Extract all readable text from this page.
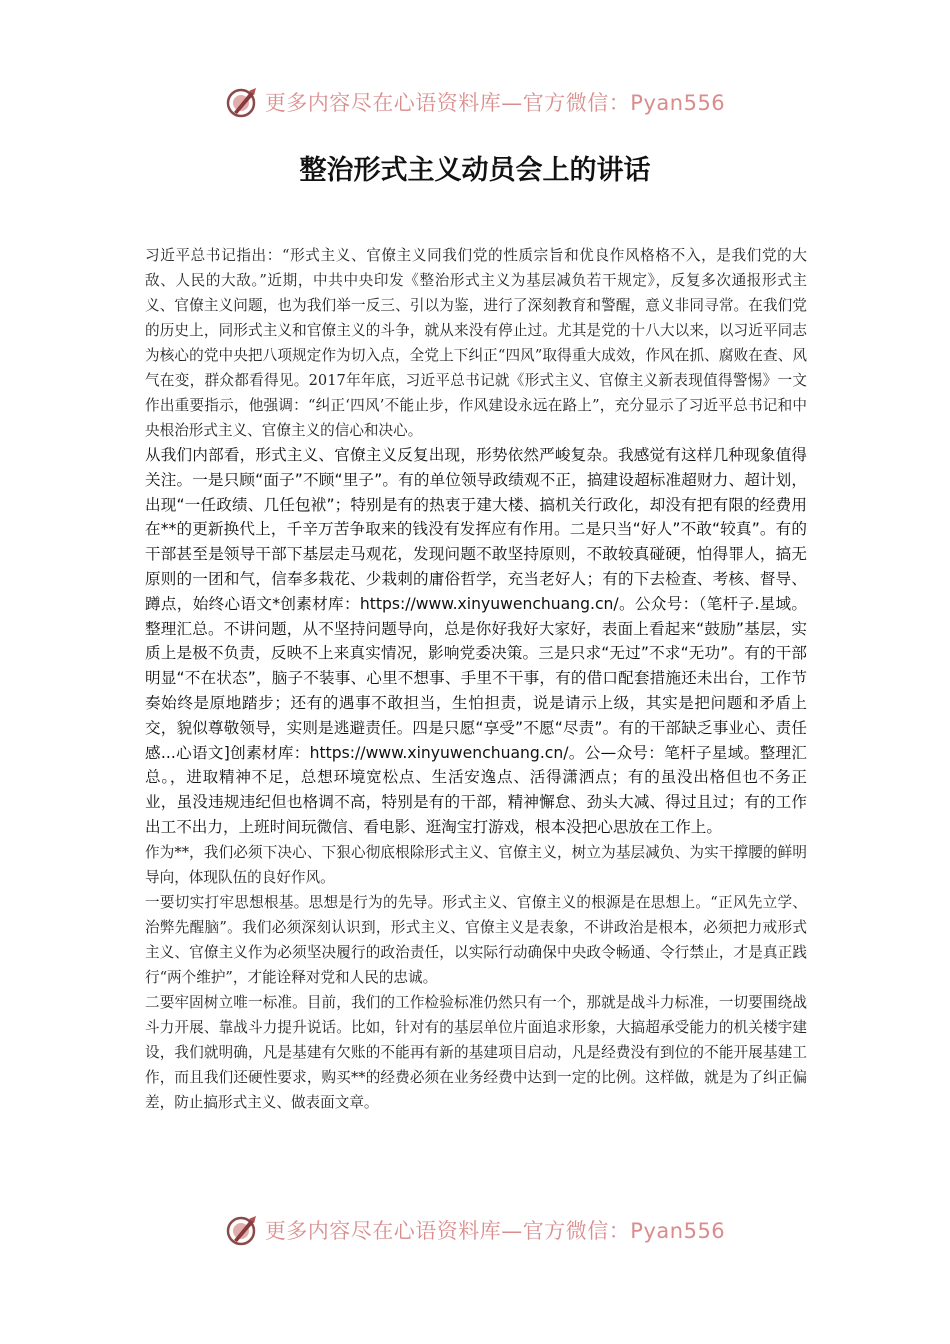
更多内容尽在心语资料库—官方微信：Pyan556
整治形式主义动员会上的讲话

习近平总书记指出：“形式主义、官僚主义同我们党的性质宗旨和优良作风格格不入，是我们党的大敌、人民的大敌。”近期，中共中央印发《整治形式主义为基层减负若干规定》，反复多次通报形式主义、官僚主义问题，也为我们举一反三、引以为鉴，进行了深刻教育和警醒，意义非同寻常。在我们党的历史上，同形式主义和官僚主义的斗争，就从来没有停止过。尤其是党的十八大以来，以习近平同志为核心的党中央把八项规定作为切入点，全党上下纠正“四风”取得重大成效，作风在抓、腐败在查、风气在变，群众都看得见。2017年年底，习近平总书记就《形式主义、官僚主义新表现值得警惕》一文作出重要指示，他强调：“纠正‘四风’不能止步，作风建设永远在路上”，充分显示了习近平总书记和中央根治形式主义、官僚主义的信心和决心。

从我们内部看，形式主义、官僚主义反复出现，形势依然严峻复杂。我感觉有这样几种现象值得关注。一是只顾“面子”不顾“里子”。有的单位领导政绩观不正，搞建设超标准超财力、超计划，出现“一任政绩、几任包袱”；特别是有的热衷于建大楼、搞机关行政化，却没有把有限的经费用在**的更新换代上，千辛万苦争取来的钱没有发挥应有作用。二是只当“好人”不敢“较真”。有的干部甚至是领导干部下基层走马观花，发现问题不敢坚持原则，不敢较真碰硬，怕得罪人，搞无原则的一团和气，信奉多栽花、少栽刺的庸俗哲学，充当老好人；有的下去检查、考核、督导、蹲点，始终心语文*创素材库：https://www.xinyuwenchuang.cn/。公众号：（笔杆子.星域。整理汇总。不讲问题，从不坚持问题导向，总是你好我好大家好，表面上看起来“鼓励”基层，实质上是极不负责，反映不上来真实情况，影响党委决策。三是只求“无过”不求“无功”。有的干部明显“不在状态”，脑子不装事、心里不想事、手里不干事，有的借口配套措施还未出台，工作节奏始终是原地踏步；还有的遇事不敢担当，生怕担责，说是请示上级，其实是把问题和矛盾上交，貌似尊敬领导，实则是逃避责任。四是只愿“享受”不愿“尽责”。有的干部缺乏事业心、责任感...心语文]创素材库：https://www.xinyuwenchuang.cn/。公—众号：笔杆子星域。整理汇总。，进取精神不足，总想环境宽松点、生活安逸点、活得潇洒点；有的虽没出格但也不务正业，虽没违规违纪但也格调不高，特别是有的干部，精神懈怠、劲头大减、得过且过；有的工作出工不出力，上班时间玩微信、看电影、逛淘宝打游戏，根本没把心思放在工作上。

作为**，我们必须下决心、下狠心彻底根除形式主义、官僚主义，树立为基层减负、为实干撑腰的鲜明导向，体现队伍的良好作风。

一要切实打牢思想根基。思想是行为的先导。形式主义、官僚主义的根源是在思想上。“正风先立学、治弊先醒脑”。我们必须深刻认识到，形式主义、官僚主义是表象，不讲政治是根本，必须把力戒形式主义、官僚主义作为必须坚决履行的政治责任，以实际行动确保中央政令畅通、令行禁止，才是真正践行“两个维护”，才能诠释对党和人民的忠诚。

二要牢固树立唯一标准。目前，我们的工作检验标准仍然只有一个，那就是战斗力标准，一切要围绕战斗力开展、靠战斗力提升说话。比如，针对有的基层单位片面追求形象，大搞超承受能力的机关楼宇建设，我们就明确，凡是基建有欠账的不能再有新的基建项目启动，凡是经费没有到位的不能开展基建工作，而且我们还硬性要求，购买**的经费必须在业务经费中达到一定的比例。这样做，就是为了纠正偏差，防止搞形式主义、做表面文章。

更多内容尽在心语资料库—官方微信：Pyan556
